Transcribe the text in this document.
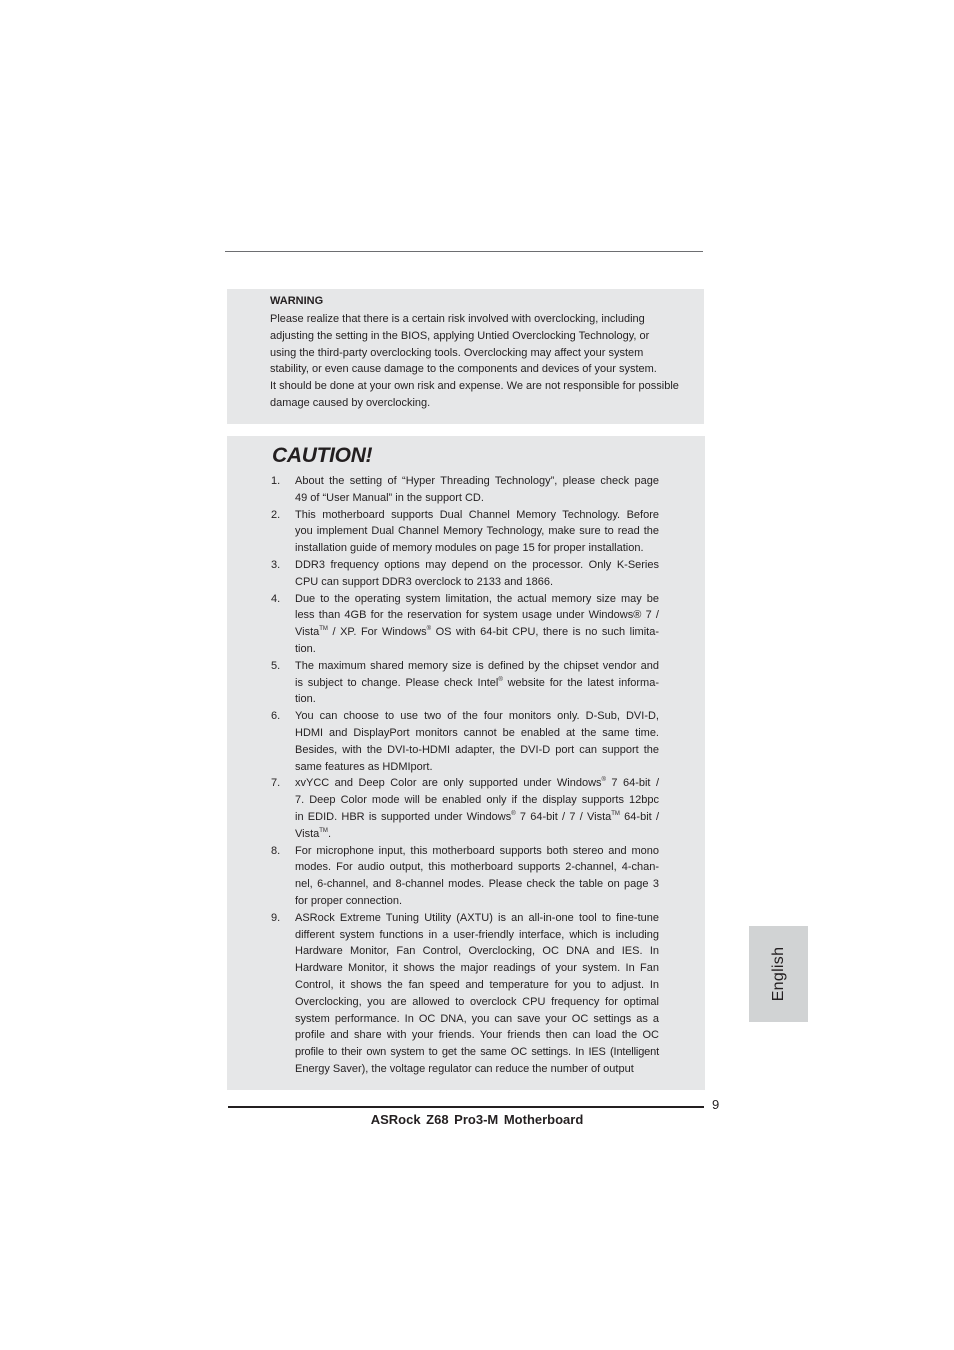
WARNING
Please realize that there is a certain risk involved with overclocking, including
adjusting the setting in the BIOS, applying Untied Overclocking Technology, or
using the third-party overclocking tools. Overclocking may affect your system
stability, or even cause damage to the components and devices of your system.
It should be done at your own risk and expense. We are not responsible for possible
damage caused by overclocking.
CAUTION!
1. About the setting of “Hyper Threading Technology”, please check page
49 of “User Manual” in the support CD.
2. This motherboard supports Dual Channel Memory Technology. Before
you implement Dual Channel Memory Technology, make sure to read the
installation guide of memory modules on page 15 for proper installation.
3. DDR3 frequency options may depend on the processor. Only K-Series
CPU can support DDR3 overclock to 2133 and 1866.
4. Due to the operating system limitation, the actual memory size may be
less than 4GB for the reservation for system usage under Windows® 7 /
Vista™ / XP. For Windows® OS with 64-bit CPU, there is no such limita-
tion.
5. The maximum shared memory size is defined by the chipset vendor and
is subject to change. Please check Intel® website for the latest informa-
tion.
6. You can choose to use two of the four monitors only. D-Sub, DVI-D,
HDMI and DisplayPort monitors cannot be enabled at the same time.
Besides, with the DVI-to-HDMI adapter, the DVI-D port can support the
same features as HDMIport.
7. xvYCC and Deep Color are only supported under Windows® 7 64-bit /
7. Deep Color mode will be enabled only if the display supports 12bpc
in EDID. HBR is supported under Windows® 7 64-bit / 7 / Vista™ 64-bit /
Vista™.
8. For microphone input, this motherboard supports both stereo and mono
modes. For audio output, this motherboard supports 2-channel, 4-chan-
nel, 6-channel, and 8-channel modes. Please check the table on page 3
for proper connection.
9. ASRock Extreme Tuning Utility (AXTU) is an all-in-one tool to fine-tune
different system functions in a user-friendly interface, which is including
Hardware Monitor, Fan Control, Overclocking, OC DNA and IES. In
Hardware Monitor, it shows the major readings of your system. In Fan
Control, it shows the fan speed and temperature for you to adjust. In
Overclocking, you are allowed to overclock CPU frequency for optimal
system performance. In OC DNA, you can save your OC settings as a
profile and share with your friends. Your friends then can load the OC
profile to their own system to get the same OC settings. In IES (Intelligent
Energy Saver), the voltage regulator can reduce the number of output
English
9
ASRock Z68 Pro3-M Motherboard
